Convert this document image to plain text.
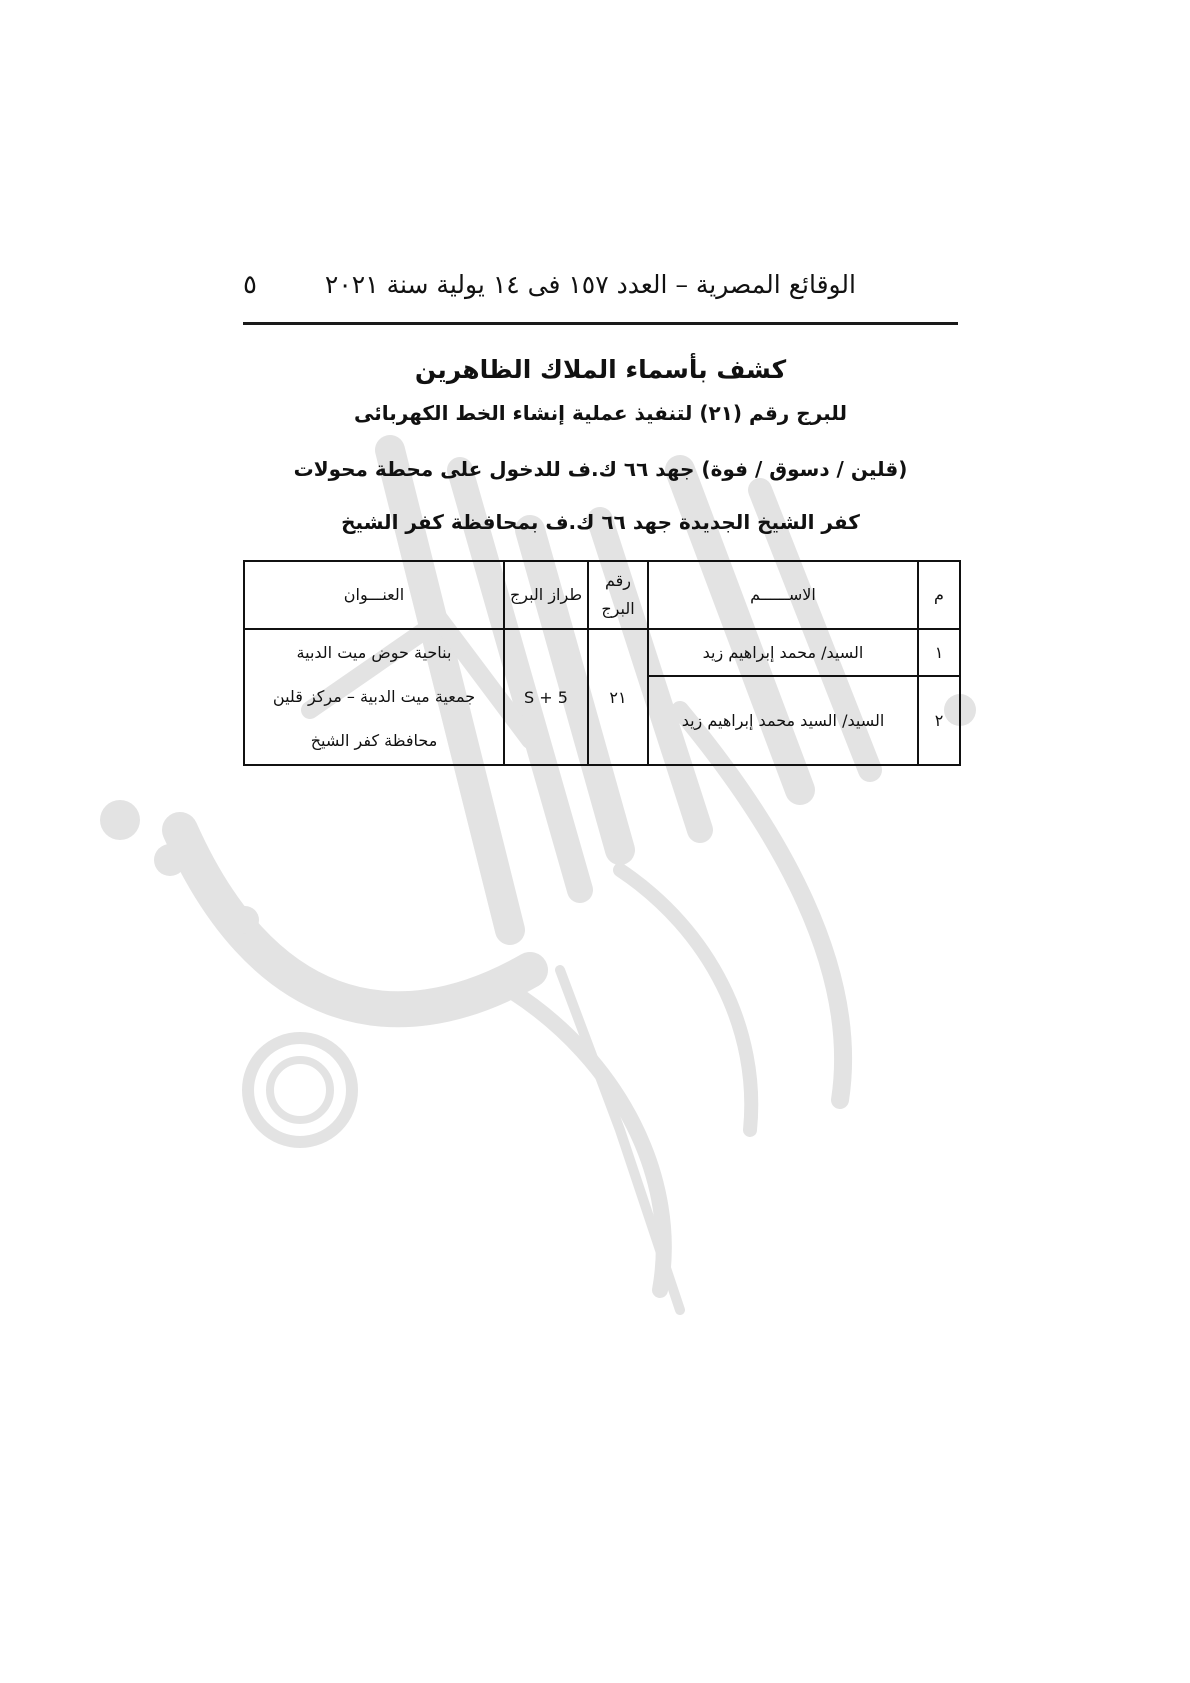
الوقائع المصرية – العدد ١٥٧ فى ١٤ يولية سنة ٢٠٢١
٥
كشف بأسماء الملاك الظاهرين
للبرج رقم (٢١) لتنفيذ عملية إنشاء الخط الكهربائى
(قلين / دسوق / فوة) جهد ٦٦ ك.ف للدخول على محطة محولات
كفر الشيخ الجديدة جهد ٦٦ ك.ف بمحافظة كفر الشيخ
م	الاســــــم	رقم البرج	طراز البرج	العنـــوان
١	السيد/ محمد إبراهيم زيد	٢١	S + 5	بناحية حوض ميت الدبية
جمعية ميت الدبية – مركز قلين
محافظة كفر الشيخ

٢	السيد/ السيد محمد إبراهيم زيد			
